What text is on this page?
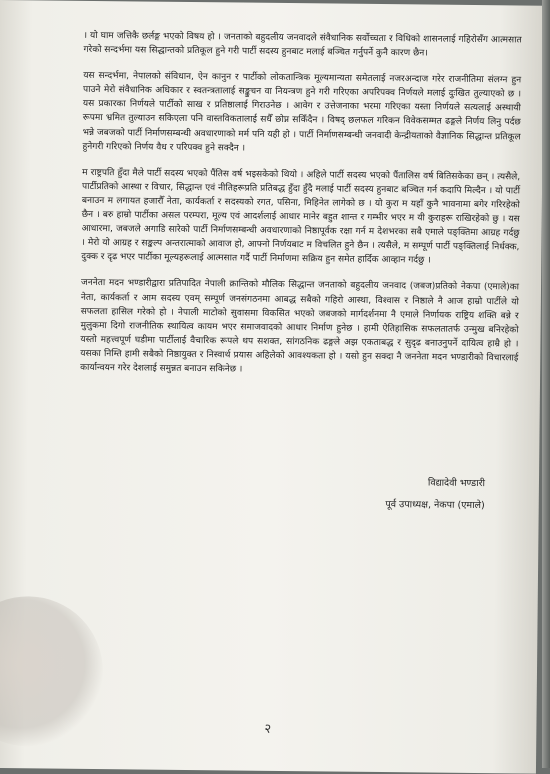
। यो घाम जत्तिकै छर्लङ्ग भएको विषय हो । जनताको बहुदलीय जनवादले संवैधानिक सर्वोच्चता र विधिको शासनलाई गहिरोसँग आत्मसात गरेको सन्दर्भमा यस सिद्धान्तको प्रतिकूल हुने गरी पार्टी सदस्य हुनबाट मलाई बञ्चित गर्नुपर्ने कुनै कारण छैन।

यस सन्दर्भमा, नेपालको संविधान, ऐन कानुन र पार्टीको लोकतान्त्रिक मूल्यमान्यता समेतलाई नजरअन्दाज गरेर राजनीतिमा संलग्न हुन पाउने मेरो संवैधानिक अधिकार र स्वतन्त्रतालाई सङ्कुचन वा नियन्त्रण हुने गरी गरिएका अपरिपक्व निर्णयले मलाई दुःखित तुल्याएको छ । यस प्रकारका निर्णयले पार्टीको साख र प्रतिष्ठालाई गिराउनेछ । आवेग र उत्तेजनाका भरमा गरिएका यस्ता निर्णयले सत्यलाई अस्थायी रूपमा भ्रमित तुल्याउन सकिएला पनि वास्तविकतालाई सधैँ छोप्न सकिँदैन । विषद् छलफल गरिकन विवेकसम्मत ढङ्गले निर्णय लिनु पर्दछ भन्ने जबजको पार्टी निर्माणसम्बन्धी अवधारणाको मर्म पनि यही हो । पार्टी निर्माणसम्बन्धी जनवादी केन्द्रीयताको वैज्ञानिक सिद्धान्त प्रतिकूल हुनेगरी गरिएको निर्णय वैध र परिपक्व हुने सक्दैन ।

म राष्ट्रपति हुँदा मैले पार्टी सदस्य भएको पैंतिस वर्ष भइसकेको थियो । अहिले पार्टी सदस्य भएको पैंतालिस वर्ष बितिसकेका छन् । त्यसैले, पार्टीप्रतिको आस्था र विचार, सिद्धान्त एवं नीतिहरूप्रति प्रतिबद्ध हुँदा हुँदै मलाई पार्टी सदस्य हुनबाट बञ्चित गर्न कदापि मिल्दैन । यो पार्टी बनाउन म लगायत हजारौँ नेता, कार्यकर्ता र सदस्यको रगत, पसिना, मिहिनेत लागेको छ । यो कुरा म यहाँ कुनै भावनामा बगेर गरिरहेको छैन । बरु हाम्रो पार्टीका असल परम्परा, मूल्य एवं आदर्शलाई आधार मानेर बहुत शान्त र गम्भीर भएर म यी कुराहरू राखिरहेको छु । यस आधारमा, जबजले अगाडि सारेको पार्टी निर्माणसम्बन्धी अवधारणाको निष्ठापूर्वक रक्षा गर्न म देशभरका सबै एमाले पङ्क्तिमा आग्रह गर्दछु । मेरो यो आग्रह र सङ्कल्प अन्तरात्माको आवाज हो, आफ्नो निर्णयबाट म विचलित हुने छैन । त्यसैले, म सम्पूर्ण पार्टी पङ्क्तिलाई निर्धक्क, दुक्क र दृढ भएर पार्टीका मूल्यहरूलाई आत्मसात गर्दै पार्टी निर्माणमा सक्रिय हुन समेत हार्दिक आव्हान गर्दछु ।

जननेता मदन भण्डारीद्वारा प्रतिपादित नेपाली क्रान्तिको मौलिक सिद्धान्त जनताको बहुदलीय जनवाद (जबज)प्रतिको नेकपा (एमाले)का नेता, कार्यकर्ता र आम सदस्य एवम् सम्पूर्ण जनसंगठनमा आबद्ध सबैको गहिरो आस्था, विश्वास र निष्ठाले नै आज हाम्रो पार्टीले यो सफलता हासिल गरेको हो । नेपाली माटोको सुवासमा विकसित भएको जबजको मार्गदर्शनमा नै एमाले निर्णायक राष्ट्रिय शक्ति बन्ने र मुलुकमा दिगो राजनीतिक स्थायित्व कायम भएर समाजवादको आधार निर्माण हुनेछ । हामी ऐतिहासिक सफलतातर्फ उन्मुख बनिरहेको यस्तो महत्त्वपूर्ण घडीमा पार्टीलाई वैचारिक रूपले थप सशक्त, सांगठनिक ढङ्गले अझ एकताबद्ध र सुदृढ बनाउनुपर्ने दायित्व हाम्रै हो । यसका निम्ति हामी सबैको निष्ठायुक्त र निस्वार्थ प्रयास अहिलेको आवश्यकता हो । यसो हुन सक्दा नै जननेता मदन भण्डारीको विचारलाई कार्यान्वयन गरेर देशलाई समुन्नत बनाउन सकिनेछ ।

विद्यादेवी भण्डारी
पूर्व उपाध्यक्ष, नेकपा (एमाले)
२
